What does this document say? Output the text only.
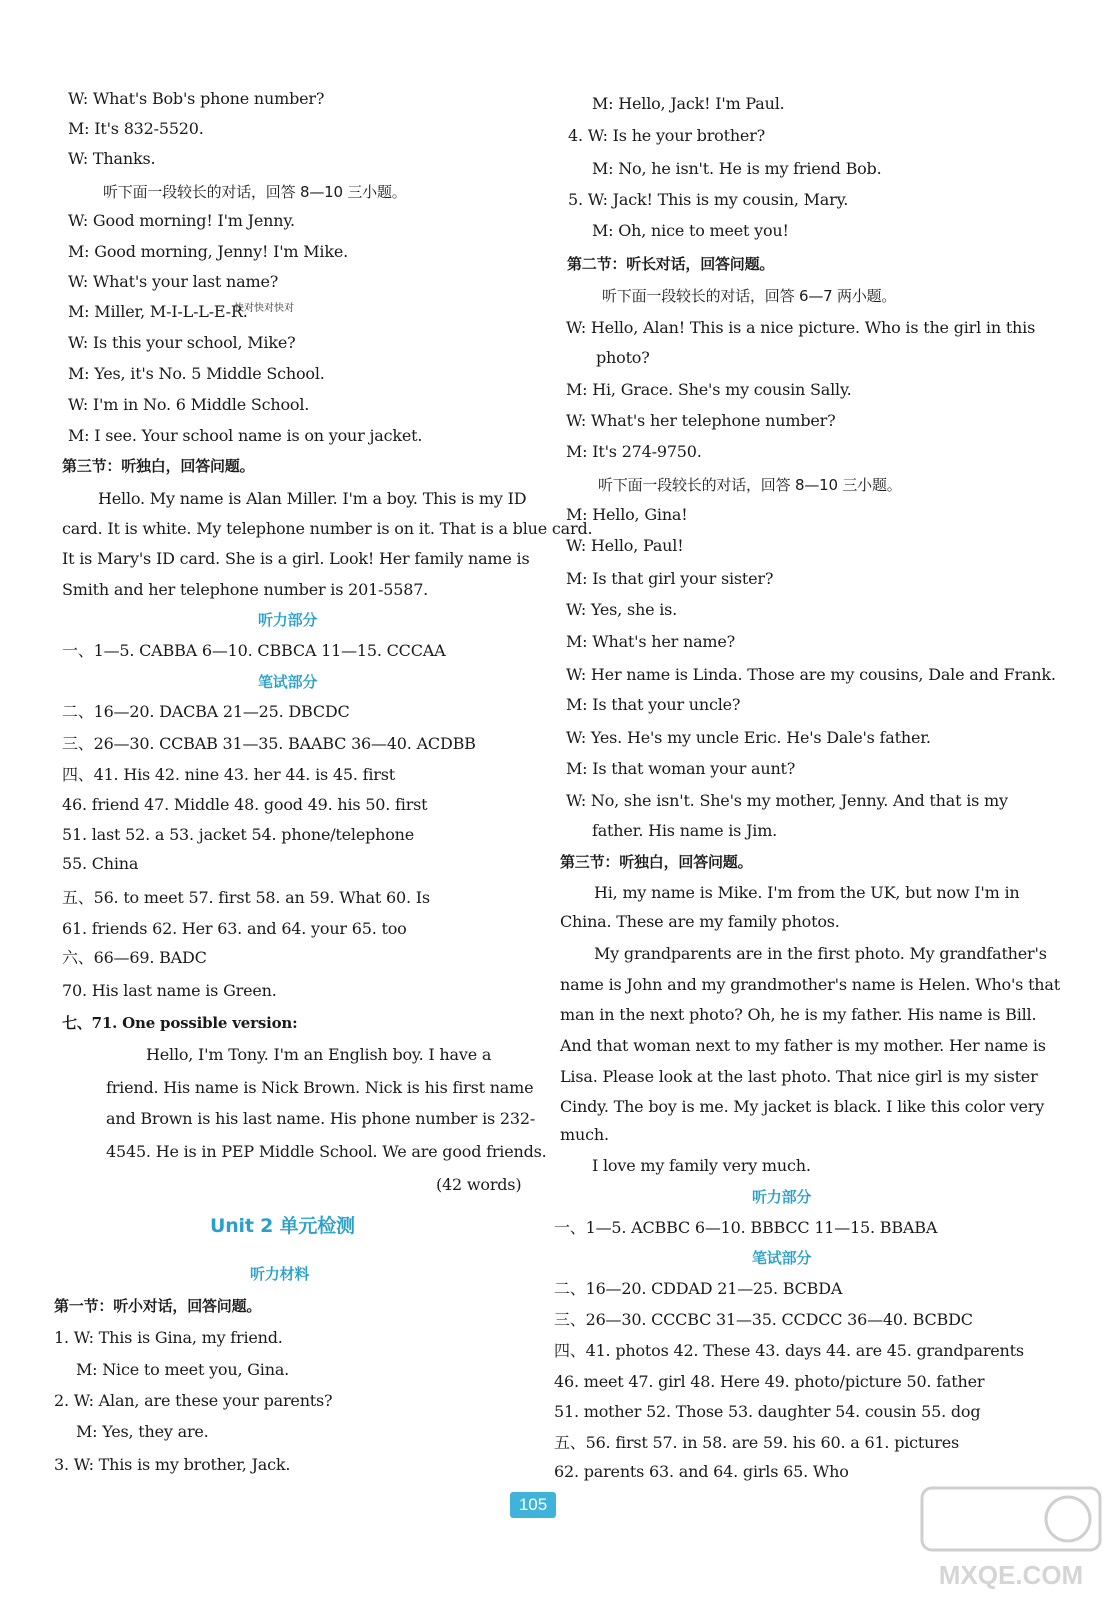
W: What's Bob's phone number?
M: It's 832-5520.
W: Thanks.
听下面一段较长的对话，回答 8—10 三小题。
W: Good morning! I'm Jenny.
M: Good morning, Jenny! I'm Mike.
W: What's your last name?
M: Miller, M-I-L-L-E-R.
快对快对快对
W: Is this your school, Mike?
M: Yes, it's No. 5 Middle School.
W: I'm in No. 6 Middle School.
M: I see. Your school name is on your jacket.
第三节：听独白，回答问题。
Hello. My name is Alan Miller. I'm a boy. This is my ID
card. It is white. My telephone number is on it. That is a blue card.
It is Mary's ID card. She is a girl. Look! Her family name is
Smith and her telephone number is 201-5587.
听力部分
一、1—5. CABBA 6—10. CBBCA 11—15. CCCAA
笔试部分
二、16—20. DACBA 21—25. DBCDC
三、26—30. CCBAB 31—35. BAABC 36—40. ACDBB
四、41. His 42. nine 43. her 44. is 45. first
46. friend 47. Middle 48. good 49. his 50. first
51. last 52. a 53. jacket 54. phone/telephone
55. China
五、56. to meet 57. first 58. an 59. What 60. Is
61. friends 62. Her 63. and 64. your 65. too
六、66—69. BADC
70. His last name is Green.
七、71. One possible version:
Hello, I'm Tony. I'm an English boy. I have a
friend. His name is Nick Brown. Nick is his first name
and Brown is his last name. His phone number is 232-
4545. He is in PEP Middle School. We are good friends.
(42 words)
Unit 2 单元检测
听力材料
第一节：听小对话，回答问题。
1. W: This is Gina, my friend.
M: Nice to meet you, Gina.
2. W: Alan, are these your parents?
M: Yes, they are.
3. W: This is my brother, Jack.
M: Hello, Jack! I'm Paul.
4. W: Is he your brother?
M: No, he isn't. He is my friend Bob.
5. W: Jack! This is my cousin, Mary.
M: Oh, nice to meet you!
第二节：听长对话，回答问题。
听下面一段较长的对话，回答 6—7 两小题。
W: Hello, Alan! This is a nice picture. Who is the girl in this
photo?
M: Hi, Grace. She's my cousin Sally.
W: What's her telephone number?
M: It's 274-9750.
听下面一段较长的对话，回答 8—10 三小题。
M: Hello, Gina!
W: Hello, Paul!
M: Is that girl your sister?
W: Yes, she is.
M: What's her name?
W: Her name is Linda. Those are my cousins, Dale and Frank.
M: Is that your uncle?
W: Yes. He's my uncle Eric. He's Dale's father.
M: Is that woman your aunt?
W: No, she isn't. She's my mother, Jenny. And that is my
father. His name is Jim.
第三节：听独白，回答问题。
Hi, my name is Mike. I'm from the UK, but now I'm in
China. These are my family photos.
My grandparents are in the first photo. My grandfather's
name is John and my grandmother's name is Helen. Who's that
man in the next photo? Oh, he is my father. His name is Bill.
And that woman next to my father is my mother. Her name is
Lisa. Please look at the last photo. That nice girl is my sister
Cindy. The boy is me. My jacket is black. I like this color very
much.
I love my family very much.
听力部分
一、1—5. ACBBC 6—10. BBBCC 11—15. BBABA
笔试部分
二、16—20. CDDAD 21—25. BCBDA
三、26—30. CCCBC 31—35. CCDCC 36—40. BCBDC
四、41. photos 42. These 43. days 44. are 45. grandparents
46. meet 47. girl 48. Here 49. photo/picture 50. father
51. mother 52. Those 53. daughter 54. cousin 55. dog
五、56. first 57. in 58. are 59. his 60. a 61. pictures
62. parents 63. and 64. girls 65. Who
105
MXQE.COM
